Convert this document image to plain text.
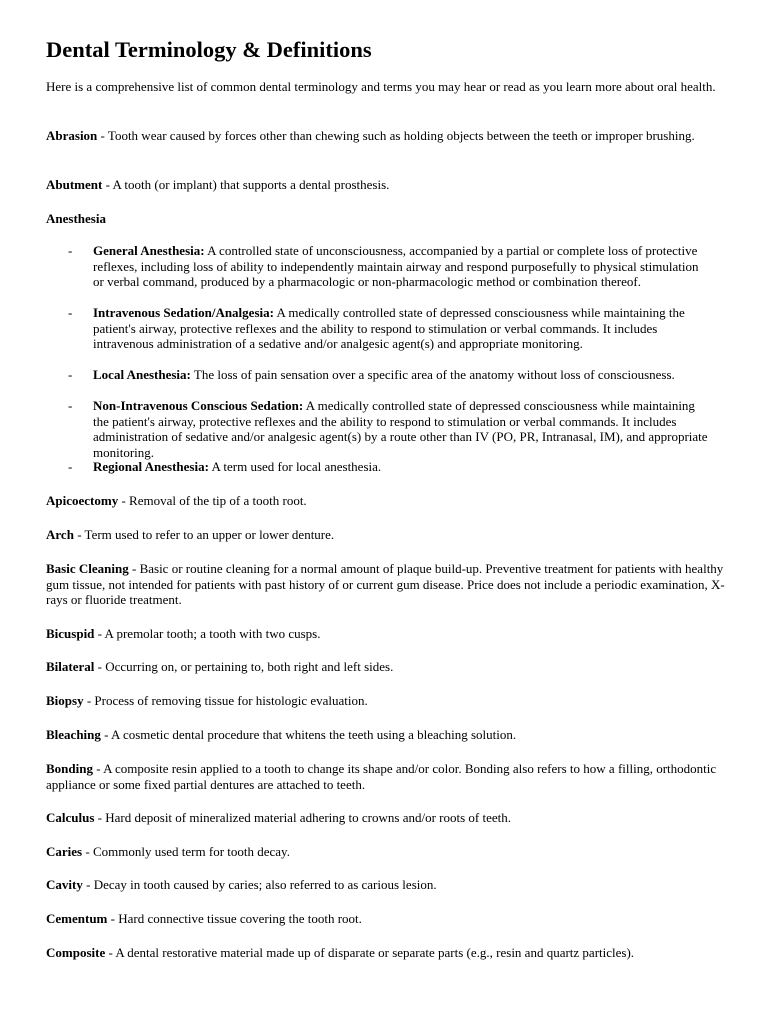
Dental Terminology & Definitions

Here is a comprehensive list of common dental terminology and terms you may hear or read as you learn more about oral health.

Abrasion - Tooth wear caused by forces other than chewing such as holding objects between the teeth or improper brushing.

Abutment - A tooth (or implant) that supports a dental prosthesis.

Anesthesia

- General Anesthesia: A controlled state of unconsciousness, accompanied by a partial or complete loss of protective reflexes, including loss of ability to independently maintain airway and respond purposefully to physical stimulation or verbal command, produced by a pharmacologic or non-pharmacologic method or combination thereof.
- Intravenous Sedation/Analgesia: A medically controlled state of depressed consciousness while maintaining the patient's airway, protective reflexes and the ability to respond to stimulation or verbal commands. It includes intravenous administration of a sedative and/or analgesic agent(s) and appropriate monitoring.
- Local Anesthesia: The loss of pain sensation over a specific area of the anatomy without loss of consciousness.
- Non-Intravenous Conscious Sedation: A medically controlled state of depressed consciousness while maintaining the patient's airway, protective reflexes and the ability to respond to stimulation or verbal commands. It includes administration of sedative and/or analgesic agent(s) by a route other than IV (PO, PR, Intranasal, IM), and appropriate monitoring.
- Regional Anesthesia: A term used for local anesthesia.

Apicoectomy - Removal of the tip of a tooth root.

Arch - Term used to refer to an upper or lower denture.

Basic Cleaning - Basic or routine cleaning for a normal amount of plaque build-up. Preventive treatment for patients with healthy gum tissue, not intended for patients with past history of or current gum disease. Price does not include a periodic examination, X-rays or fluoride treatment.

Bicuspid - A premolar tooth; a tooth with two cusps.

Bilateral - Occurring on, or pertaining to, both right and left sides.

Biopsy - Process of removing tissue for histologic evaluation.

Bleaching - A cosmetic dental procedure that whitens the teeth using a bleaching solution.

Bonding - A composite resin applied to a tooth to change its shape and/or color. Bonding also refers to how a filling, orthodontic appliance or some fixed partial dentures are attached to teeth.

Calculus - Hard deposit of mineralized material adhering to crowns and/or roots of teeth.

Caries - Commonly used term for tooth decay.

Cavity - Decay in tooth caused by caries; also referred to as carious lesion.

Cementum - Hard connective tissue covering the tooth root.

Composite - A dental restorative material made up of disparate or separate parts (e.g., resin and quartz particles).
